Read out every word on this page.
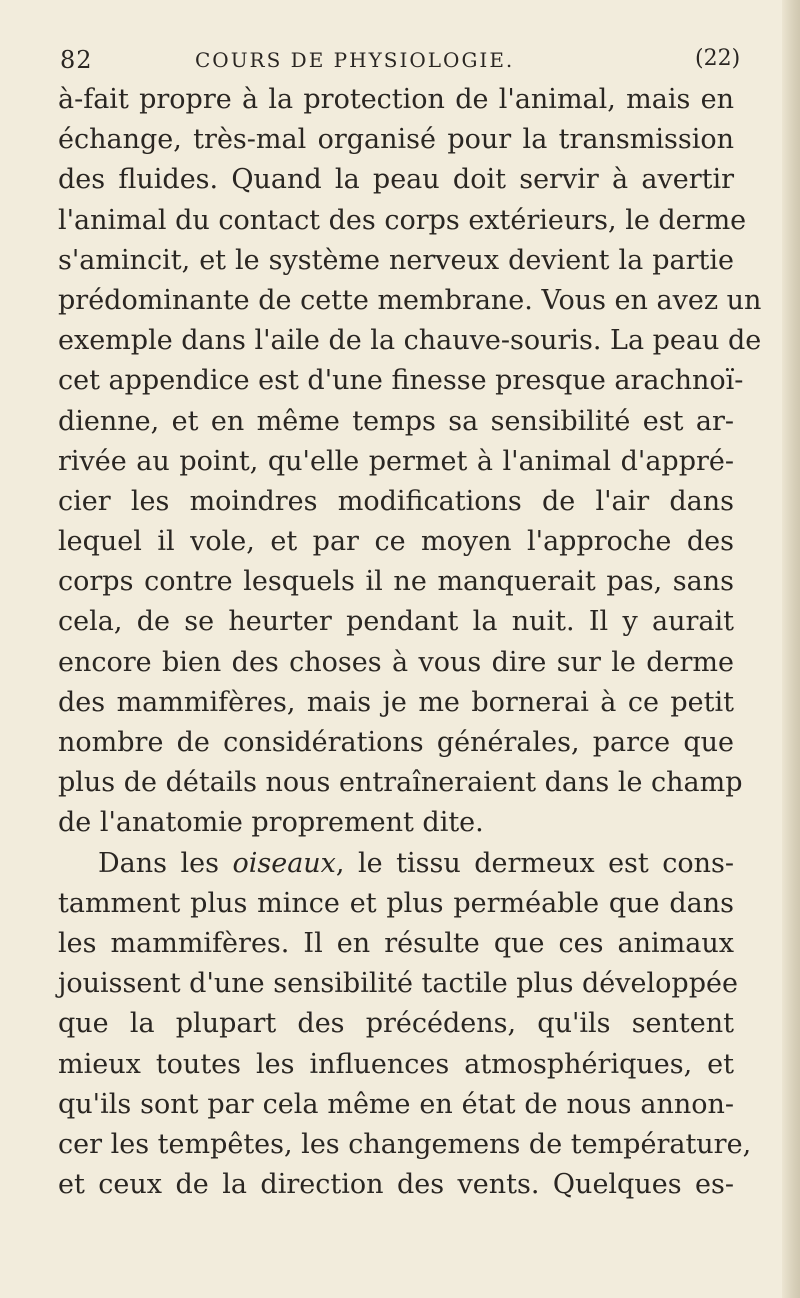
82	COURS DE PHYSIOLOGIE.	(22)
à-fait propre à la protection de l'animal, mais en
échange, très-mal organisé pour la transmission
des fluides. Quand la peau doit servir à avertir
l'animal du contact des corps extérieurs, le derme
s'amincit, et le système nerveux devient la partie
prédominante de cette membrane. Vous en avez un
exemple dans l'aile de la chauve-souris. La peau de
cet appendice est d'une finesse presque arachnoï-
dienne, et en même temps sa sensibilité est ar-
rivée au point, qu'elle permet à l'animal d'appré-
cier les moindres modifications de l'air dans
lequel il vole, et par ce moyen l'approche des
corps contre lesquels il ne manquerait pas, sans
cela, de se heurter pendant la nuit. Il y aurait
encore bien des choses à vous dire sur le derme
des mammifères, mais je me bornerai à ce petit
nombre de considérations générales, parce que
plus de détails nous entraîneraient dans le champ
de l'anatomie proprement dite.
Dans les oiseaux, le tissu dermeux est cons-
tamment plus mince et plus perméable que dans
les mammifères. Il en résulte que ces animaux
jouissent d'une sensibilité tactile plus développée
que la plupart des précédens, qu'ils sentent
mieux toutes les influences atmosphériques, et
qu'ils sont par cela même en état de nous annon-
cer les tempêtes, les changemens de température,
et ceux de la direction des vents. Quelques es-
